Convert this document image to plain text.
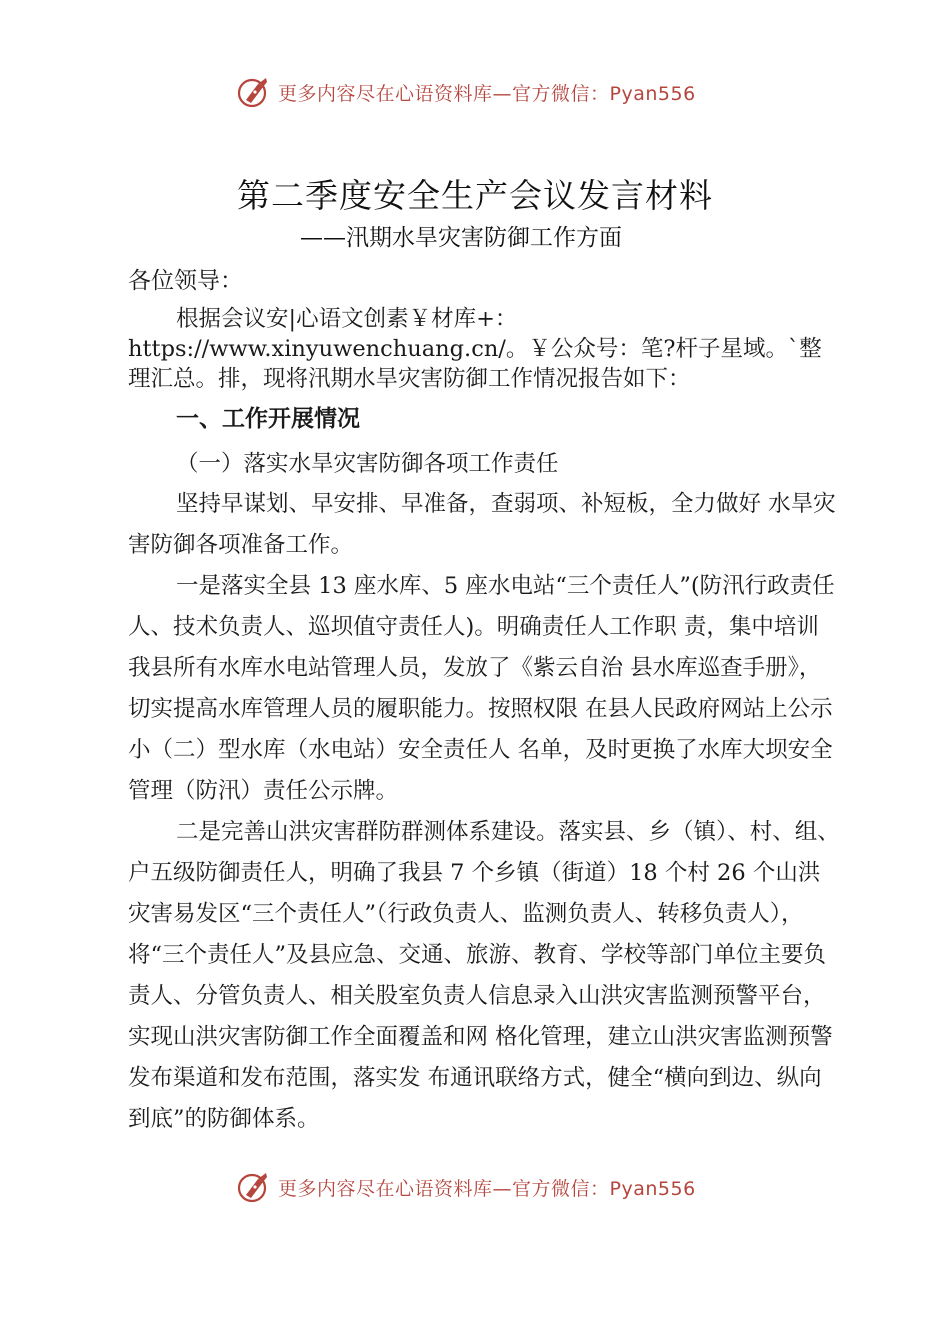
更多内容尽在心语资料库—官方微信：Pyan556
第二季度安全生产会议发言材料
——汛期水旱灾害防御工作方面
各位领导：

根据会议安|心语文创素￥材库+：https://www.xinyuwenchuang.cn/。￥公众号：笔?杆子星域。`整理汇总。排，现将汛期水旱灾害防御工作情况报告如下：

一、工作开展情况
（一）落实水旱灾害防御各项工作责任

坚持早谋划、早安排、早准备，查弱项、补短板，全力做好 水旱灾害防御各项准备工作。

一是落实全县 13 座水库、5 座水电站“三个责任人”(防汛行政责任人、技术负责人、巡坝值守责任人)。明确责任人工作职 责，集中培训我县所有水库水电站管理人员，发放了《紫云自治 县水库巡查手册》，切实提高水库管理人员的履职能力。按照权限 在县人民政府网站上公示小（二）型水库（水电站）安全责任人 名单，及时更换了水库大坝安全管理（防汛）责任公示牌。

二是完善山洪灾害群防群测体系建设。落实县、乡（镇）、村、组、户五级防御责任人，明确了我县 7 个乡镇（街道）18 个村 26 个山洪灾害易发区“三个责任人”（行政负责人、监测负责人、转移负责人），将“三个责任人”及县应急、交通、旅游、教育、学校等部门单位主要负责人、分管负责人、相关股室负责人信息录入山洪灾害监测预警平台，实现山洪灾害防御工作全面覆盖和网 格化管理，建立山洪灾害监测预警发布渠道和发布范围，落实发 布通讯联络方式，健全“横向到边、纵向到底”的防御体系。

更多内容尽在心语资料库—官方微信：Pyan556
